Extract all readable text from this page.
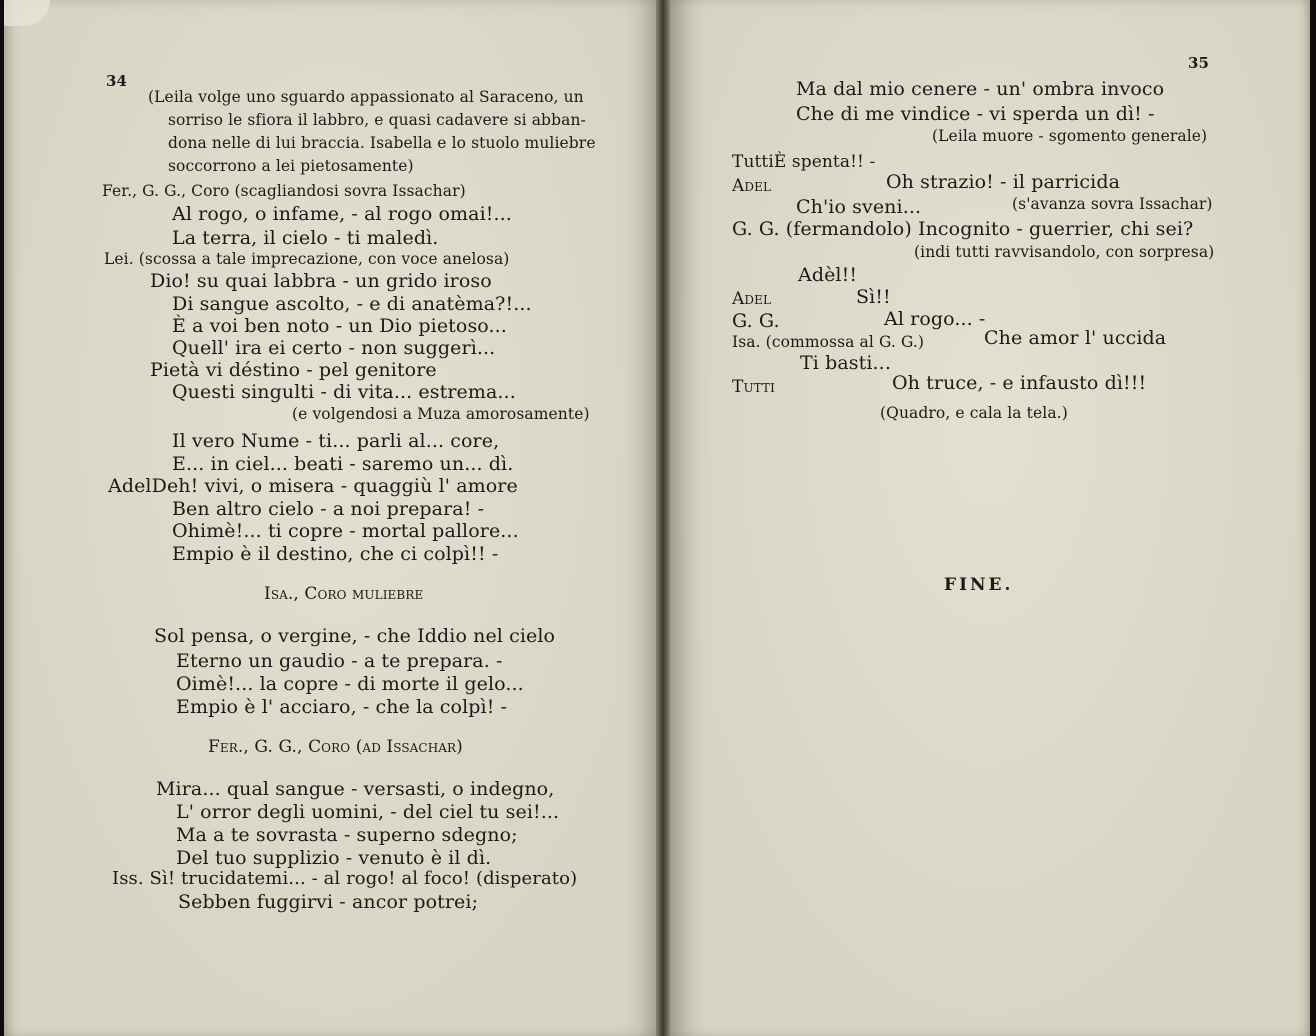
34
(Leila volge uno sguardo appassionato al Saraceno, un
sorriso le sfiora il labbro, e quasi cadavere si abban-
dona nelle di lui braccia. Isabella e lo stuolo muliebre
soccorrono a lei pietosamente)
Fer., G. G., Coro (scagliandosi sovra Issachar)
Al rogo, o infame, - al rogo omai!...
La terra, il cielo - ti maledì.
Lei. (scossa a tale imprecazione, con voce anelosa)
Dio! su quai labbra - un grido iroso
Di sangue ascolto, - e di anatèma?!...
È a voi ben noto - un Dio pietoso...
Quell' ira ei certo - non suggerì...
Pietà vi déstino - pel genitore
Questi singulti - di vita... estrema...
(e volgendosi a Muza amorosamente)
Il vero Nume - ti... parli al... core,
E... in ciel... beati - saremo un... dì.
AdelDeh! vivi, o misera - quaggiù l' amore
Ben altro cielo - a noi prepara! -
Ohimè!... ti copre - mortal pallore...
Empio è il destino, che ci colpì!! -
Isa., Coro muliebre
Sol pensa, o vergine, - che Iddio nel cielo
Eterno un gaudio - a te prepara. -
Oimè!... la copre - di morte il gelo...
Empio è l' acciaro, - che la colpì! -
Fer., G. G., Coro (ad Issachar)
Mira... qual sangue - versasti, o indegno,
L' orror degli uomini, - del ciel tu sei!...
Ma a te sovrasta - superno sdegno;
Del tuo supplizio - venuto è il dì.
Iss. Sì! trucidatemi... - al rogo! al foco! (disperato)
Sebben fuggirvi - ancor potrei;
35
Ma dal mio cenere - un' ombra invoco
Che di me vindice - vi sperda un dì! -
(Leila muore - sgomento generale)
TuttiÈ spenta!! -
Adel	Oh strazio! - il parricida
Ch'io sveni...	(s'avanza sovra Issachar)
G. G. (fermandolo) Incognito - guerrier, chi sei?
(indi tutti ravvisandolo, con sorpresa)
Adèl!!
Adel	Sì!!
G. G.	Al rogo... -
Isa. (commossa al G. G.)	Che amor l' uccida
Ti basti...
Tutti	Oh truce, - e infausto dì!!!
(Quadro, e cala la tela.)
FINE.
